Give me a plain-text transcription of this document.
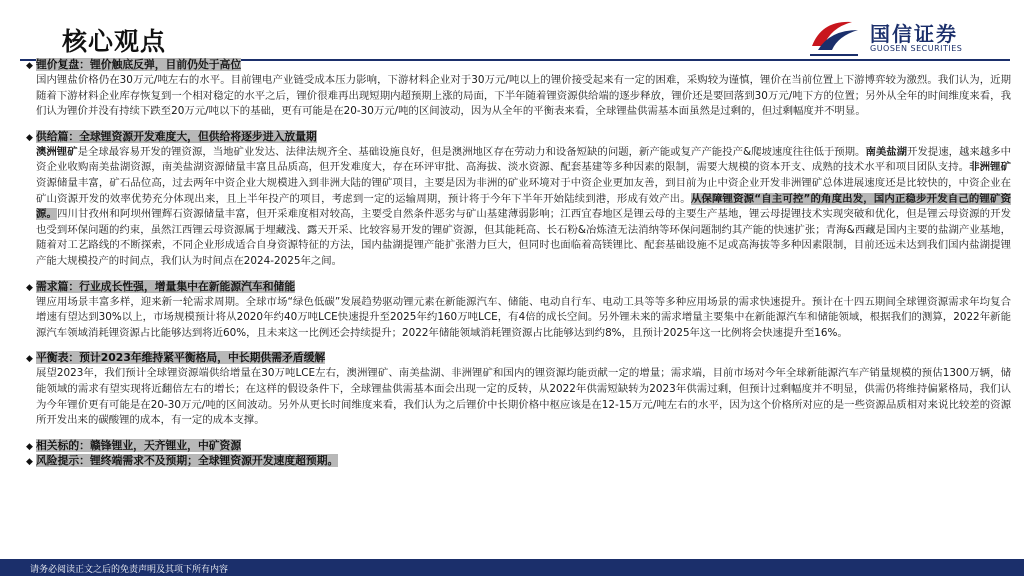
核心观点	国信证券
GUOSEN SECURITIES
◆ 锂价复盘：锂价触底反弹，目前仍处于高位
国内锂盐价格仍在30万元/吨左右的水平。目前锂电产业链受成本压力影响，下游材料企业对于30万元/吨以上的锂价接受起来有一定的困难，采购较为谨慎，锂价在当前位置上下游博弈较为激烈。我们认为，近期随着下游材料企业库存恢复到一个相对稳定的水平之后，锂价很难再出现短期内超预期上涨的局面，下半年随着锂资源供给端的逐步释放，锂价还是要回落到30万元/吨下方的位置；另外从全年的时间维度来看，我们认为锂价并没有持续下跌至20万元/吨以下的基础，更有可能是在20-30万元/吨的区间波动，因为从全年的平衡表来看，全球锂盐供需基本面虽然是过剩的，但过剩幅度并不明显。
◆ 供给篇：全球锂资源开发难度大，但供给将逐步进入放量期
澳洲锂矿是全球最容易开发的锂资源，当地矿业发达、法律法规齐全、基础设施良好，但是澳洲地区存在劳动力和设备短缺的问题，新产能或复产产能投产&爬坡速度往往低于预期。南美盐湖开发提速，越来越多中资企业收购南美盐湖资源，南美盐湖资源储量丰富且品质高，但开发难度大，存在环评审批、高海拔、淡水资源、配套基建等多种因素的限制，需要大规模的资本开支、成熟的技术水平和项目团队支持。非洲锂矿资源储量丰富，矿石品位高，过去两年中资企业大规模进入到非洲大陆的锂矿项目，主要是因为非洲的矿业环境对于中资企业更加友善，到目前为止中资企业开发非洲锂矿总体进展速度还是比较快的，中资企业在矿山资源开发的效率优势充分体现出来，且上半年投产的项目，考虑到一定的运输周期，预计将于今年下半年开始陆续到港，形成有效产出。从保障锂资源“自主可控”的角度出发，国内正稳步开发自己的锂矿资源。四川甘孜州和阿坝州锂辉石资源储量丰富，但开采难度相对较高，主要受自然条件恶劣与矿山基建薄弱影响；江西宜春地区是锂云母的主要生产基地，锂云母提锂技术实现突破和优化，但是锂云母资源的开发也受到环保问题的约束，虽然江西锂云母资源属于埋藏浅、露天开采、比较容易开发的锂矿资源，但其能耗高、长石粉&冶炼渣无法消纳等环保问题制约其产能的快速扩张；青海&西藏是国内主要的盐湖产业基地，随着对工艺路线的不断探索，不同企业形成适合自身资源特征的方法，国内盐湖提锂产能扩张潜力巨大，但同时也面临着高镁锂比、配套基础设施不足或高海拔等多种因素限制，目前还远未达到我们国内盐湖提锂产能大规模投产的时间点，我们认为时间点在2024-2025年之间。
◆ 需求篇：行业成长性强，增量集中在新能源汽车和储能
锂应用场景丰富多样，迎来新一轮需求周期。全球市场“绿色低碳”发展趋势驱动锂元素在新能源汽车、储能、电动自行车、电动工具等等多种应用场景的需求快速提升。预计在十四五期间全球锂资源需求年均复合增速有望达到30%以上，市场规模预计将从2020年约40万吨LCE快速提升至2025年约160万吨LCE，有4倍的成长空间。另外锂未来的需求增量主要集中在新能源汽车和储能领域，根据我们的测算，2022年新能源汽车领域消耗锂资源占比能够达到将近60%，且未来这一比例还会持续提升；2022年储能领域消耗锂资源占比能够达到约8%，且预计2025年这一比例将会快速提升至16%。
◆ 平衡表：预计2023年维持紧平衡格局，中长期供需矛盾缓解
展望2023年，我们预计全球锂资源端供给增量在30万吨LCE左右，澳洲锂矿、南美盐湖、非洲锂矿和国内的锂资源均能贡献一定的增量；需求端，目前市场对今年全球新能源汽车产销量规模的预估1300万辆，储能领域的需求有望实现将近翻倍左右的增长；在这样的假设条件下，全球锂盐供需基本面会出现一定的反转，从2022年供需短缺转为2023年供需过剩，但预计过剩幅度并不明显，供需仍将维持偏紧格局，我们认为今年锂价更有可能是在20-30万元/吨的区间波动。另外从更长时间维度来看，我们认为之后锂价中长期价格中枢应该是在12-15万元/吨左右的水平，因为这个价格所对应的是一些资源品质相对来说比较差的资源所开发出来的碳酸锂的成本，有一定的成本支撑。
◆ 相关标的：赣锋锂业，天齐锂业，中矿资源
◆ 风险提示：锂终端需求不及预期；全球锂资源开发速度超预期。
请务必阅读正文之后的免责声明及其项下所有内容
